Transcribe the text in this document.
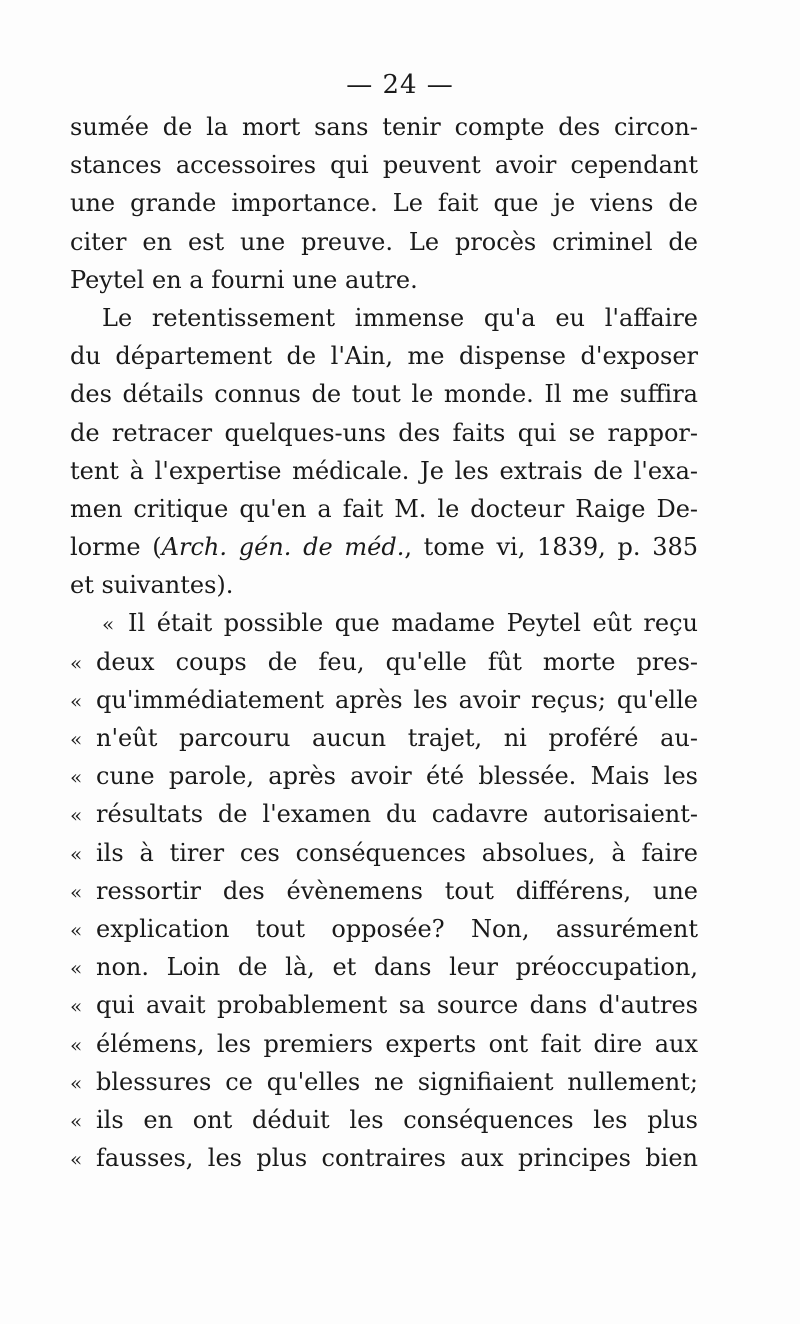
— 24 —
sumée de la mort sans tenir compte des circon-
stances accessoires qui peuvent avoir cependant
une grande importance. Le fait que je viens de
citer en est une preuve. Le procès criminel de
Peytel en a fourni une autre.
Le retentissement immense qu'a eu l'affaire
du département de l'Ain, me dispense d'exposer
des détails connus de tout le monde. Il me suffira
de retracer quelques-uns des faits qui se rappor-
tent à l'expertise médicale. Je les extrais de l'exa-
men critique qu'en a fait M. le docteur Raige De-
lorme (Arch. gén. de méd., tome vi, 1839, p. 385
et suivantes).
« Il était possible que madame Peytel eût reçu
« deux coups de feu, qu'elle fût morte pres-
« qu'immédiatement après les avoir reçus; qu'elle
« n'eût parcouru aucun trajet, ni proféré au-
« cune parole, après avoir été blessée. Mais les
« résultats de l'examen du cadavre autorisaient-
« ils à tirer ces conséquences absolues, à faire
« ressortir des évènemens tout différens, une
« explication tout opposée? Non, assurément
« non. Loin de là, et dans leur préoccupation,
« qui avait probablement sa source dans d'autres
« élémens, les premiers experts ont fait dire aux
« blessures ce qu'elles ne signifiaient nullement;
« ils en ont déduit les conséquences les plus
« fausses, les plus contraires aux principes bien
